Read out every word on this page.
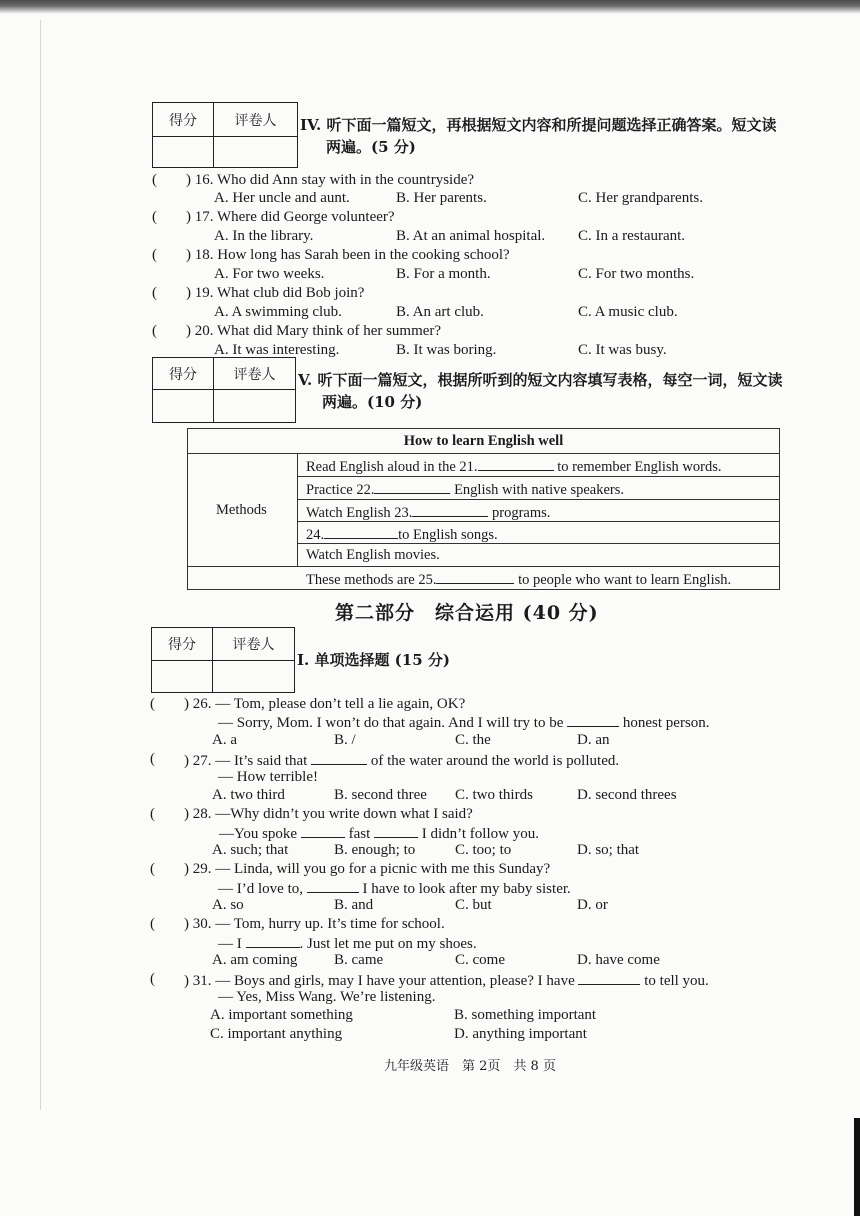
得分	评卷人
	IV. 听下面一篇短文，再根据短文内容和所提问题选择正确答案。短文读
两遍。(5 分)
( ) 16. Who did Ann stay with in the countryside?
A. Her uncle and aunt.	B. Her parents.	C. Her grandparents.
( ) 17. Where did George volunteer?
A. In the library.	B. At an animal hospital. C. In a restaurant.
( ) 18. How long has Sarah been in the cooking school?
A. For two weeks.	B. For a month.	C. For two months.
( ) 19. What club did Bob join?
A. A swimming club.	B. An art club.	C. A music club.
( ) 20. What did Mary think of her summer?
A. It was interesting.	B. It was boring.	C. It was busy.
得分	评卷人
	V. 听下面一篇短文，根据所听到的短文内容填写表格，每空一词，短文读
两遍。(10 分)
How to learn English well
Methods
Read English aloud in the 21.	to remember English words.
Practice 22.	English with native speakers.
Watch English 23.	programs.
24.	to English songs.
Watch English movies.
These methods are 25.	to people who want to learn English.
第二部分　综合运用 (40 分)
得分	评卷人

I. 单项选择题 (15 分)
( ) 26. — Tom, please don’t tell a lie again, OK?
— Sorry, Mom. I won’t do that again. And I will try to be	honest person.
A. a	B. /	C. the	D. an
( ) 27. — It’s said that	of the water around the world is polluted.
— How terrible!
A. two third	B. second three C. two thirds	D. second threes
( ) 28. —Why didn’t you write down what I said?
—You spoke	fast	I didn’t follow you.
A. such; that	B. enough; to	C. too; to	D. so; that
( ) 29. — Linda, will you go for a picnic with me this Sunday?
— I’d love to,	I have to look after my baby sister.
A. so	B. and	C. but	D. or
( ) 30. — Tom, hurry up. It’s time for school.
— I	. Just let me put on my shoes.
A. am coming B. came	C. come	D. have come
( ) 31. — Boys and girls, may I have your attention, please? I have	to tell you.
— Yes, Miss Wang. We’re listening.
A. important something	B. something important
C. important anything	D. anything important
九年级英语　第 2页　共 8 页
